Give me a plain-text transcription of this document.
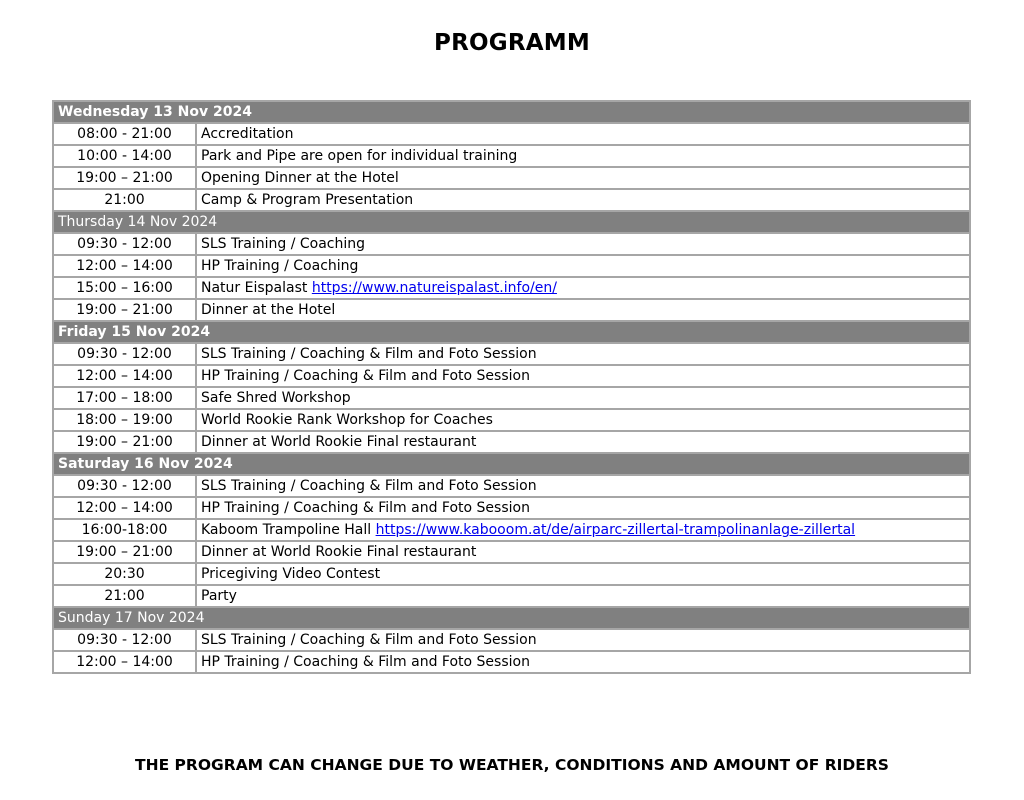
PROGRAMM
Wednesday 13 Nov 2024	
08:00 - 21:00	Accreditation
10:00 - 14:00	Park and Pipe are open for individual training
19:00 – 21:00	Opening Dinner at the Hotel
21:00	Camp & Program Presentation
Thursday 14 Nov 2024	
09:30 - 12:00	SLS Training / Coaching
12:00 – 14:00	HP Training / Coaching
15:00 – 16:00	Natur Eispalast https://www.natureispalast.info/en/
19:00 – 21:00	Dinner at the Hotel
Friday 15 Nov 2024	
09:30 - 12:00	SLS Training / Coaching & Film and Foto Session
12:00 – 14:00	HP Training / Coaching & Film and Foto Session
17:00 – 18:00	Safe Shred Workshop
18:00 – 19:00	World Rookie Rank Workshop for Coaches
19:00 – 21:00	Dinner at World Rookie Final restaurant
Saturday 16 Nov 2024	
09:30 - 12:00	SLS Training / Coaching & Film and Foto Session
12:00 – 14:00	HP Training / Coaching & Film and Foto Session
16:00-18:00	Kaboom Trampoline Hall https://www.kabooom.at/de/airparc-zillertal-trampolinanlage-zillertal
19:00 – 21:00	Dinner at World Rookie Final restaurant
20:30	Pricegiving Video Contest
21:00	Party
Sunday 17 Nov 2024	
09:30 - 12:00	SLS Training / Coaching & Film and Foto Session
12:00 – 14:00	HP Training / Coaching & Film and Foto Session
THE PROGRAM CAN CHANGE DUE TO WEATHER, CONDITIONS AND AMOUNT OF RIDERS
